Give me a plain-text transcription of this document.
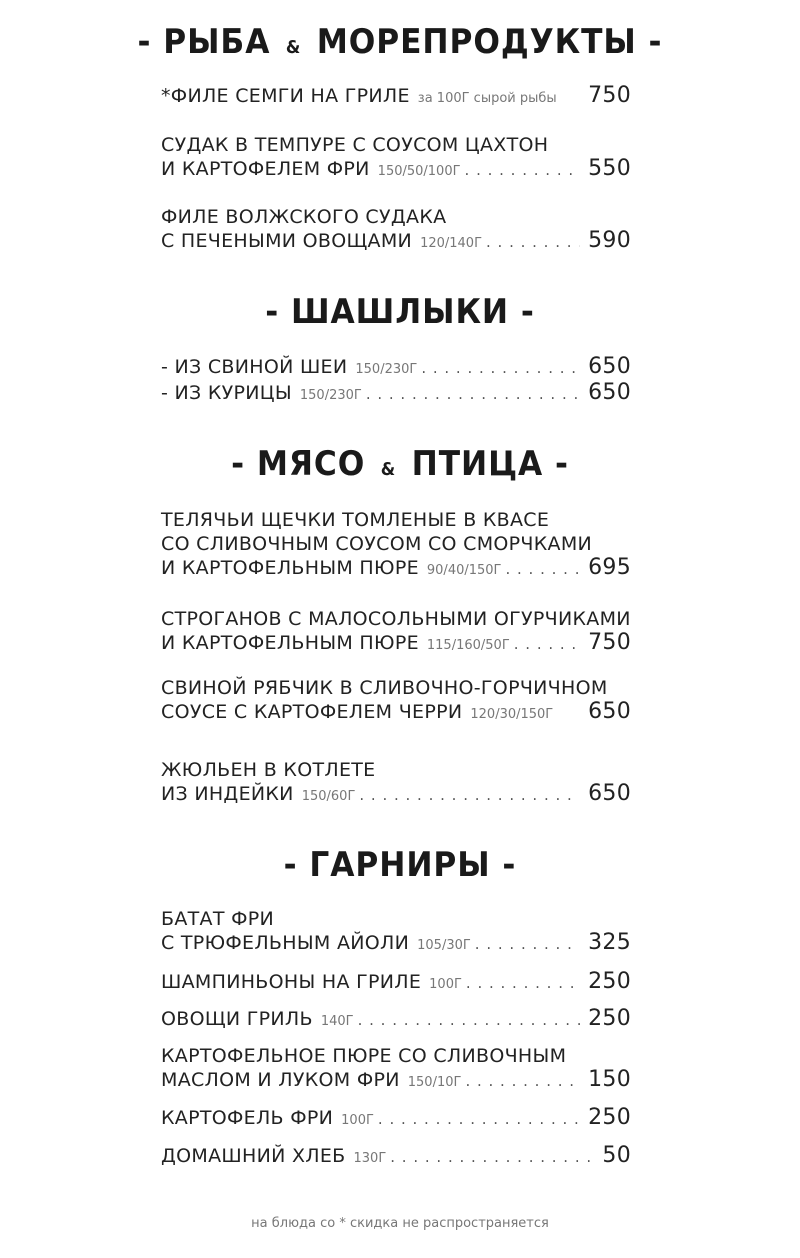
- РЫБА & МОРЕПРОДУКТЫ -
*ФИЛЕ СЕМГИ НА ГРИЛЕ за 100Г сырой рыбы 750
СУДАК В ТЕМПУРЕ С СОУСОМ ЦАХТОН
И КАРТОФЕЛЕМ ФРИ 150/50/100Г . . .	550
ФИЛЕ ВОЛЖСКОГО СУДАКА
С ПЕЧЕНЫМИ ОВОЩАМИ 120/140Г . . .	590
- ШАШЛЫКИ -
- ИЗ СВИНОЙ ШЕИ 150/230Г . . .	650
- ИЗ КУРИЦЫ 150/230Г . . .	650
- МЯСО & ПТИЦА -
ТЕЛЯЧЬИ ЩЕЧКИ ТОМЛЕНЫЕ В КВАСЕ
СО СЛИВОЧНЫМ СОУСОМ СО СМОРЧКАМИ
И КАРТОФЕЛЬНЫМ ПЮРЕ 90/40/150Г . . .	695
СТРОГАНОВ С МАЛОСОЛЬНЫМИ ОГУРЧИКАМИ
И КАРТОФЕЛЬНЫМ ПЮРЕ 115/160/50Г . . .	750
СВИНОЙ РЯБЧИК В СЛИВОЧНО-ГОРЧИЧНОМ
СОУСЕ С КАРТОФЕЛЕМ ЧЕРРИ 120/30/150Г 650
ЖЮЛЬЕН В КОТЛЕТЕ
ИЗ ИНДЕЙКИ 150/60Г . . .	650
- ГАРНИРЫ -
БАТАТ ФРИ
С ТРЮФЕЛЬНЫМ АЙОЛИ 105/30Г . . .	325
ШАМПИНЬОНЫ НА ГРИЛЕ 100Г . . .	250
ОВОЩИ ГРИЛЬ 140Г . . .	250
КАРТОФЕЛЬНОЕ ПЮРЕ СО СЛИВОЧНЫМ
МАСЛОМ И ЛУКОМ ФРИ 150/10Г . . .	150
КАРТОФЕЛЬ ФРИ 100Г . . .	250
ДОМАШНИЙ ХЛЕБ 130Г . . .	50
на блюда со * скидка не распространяется
